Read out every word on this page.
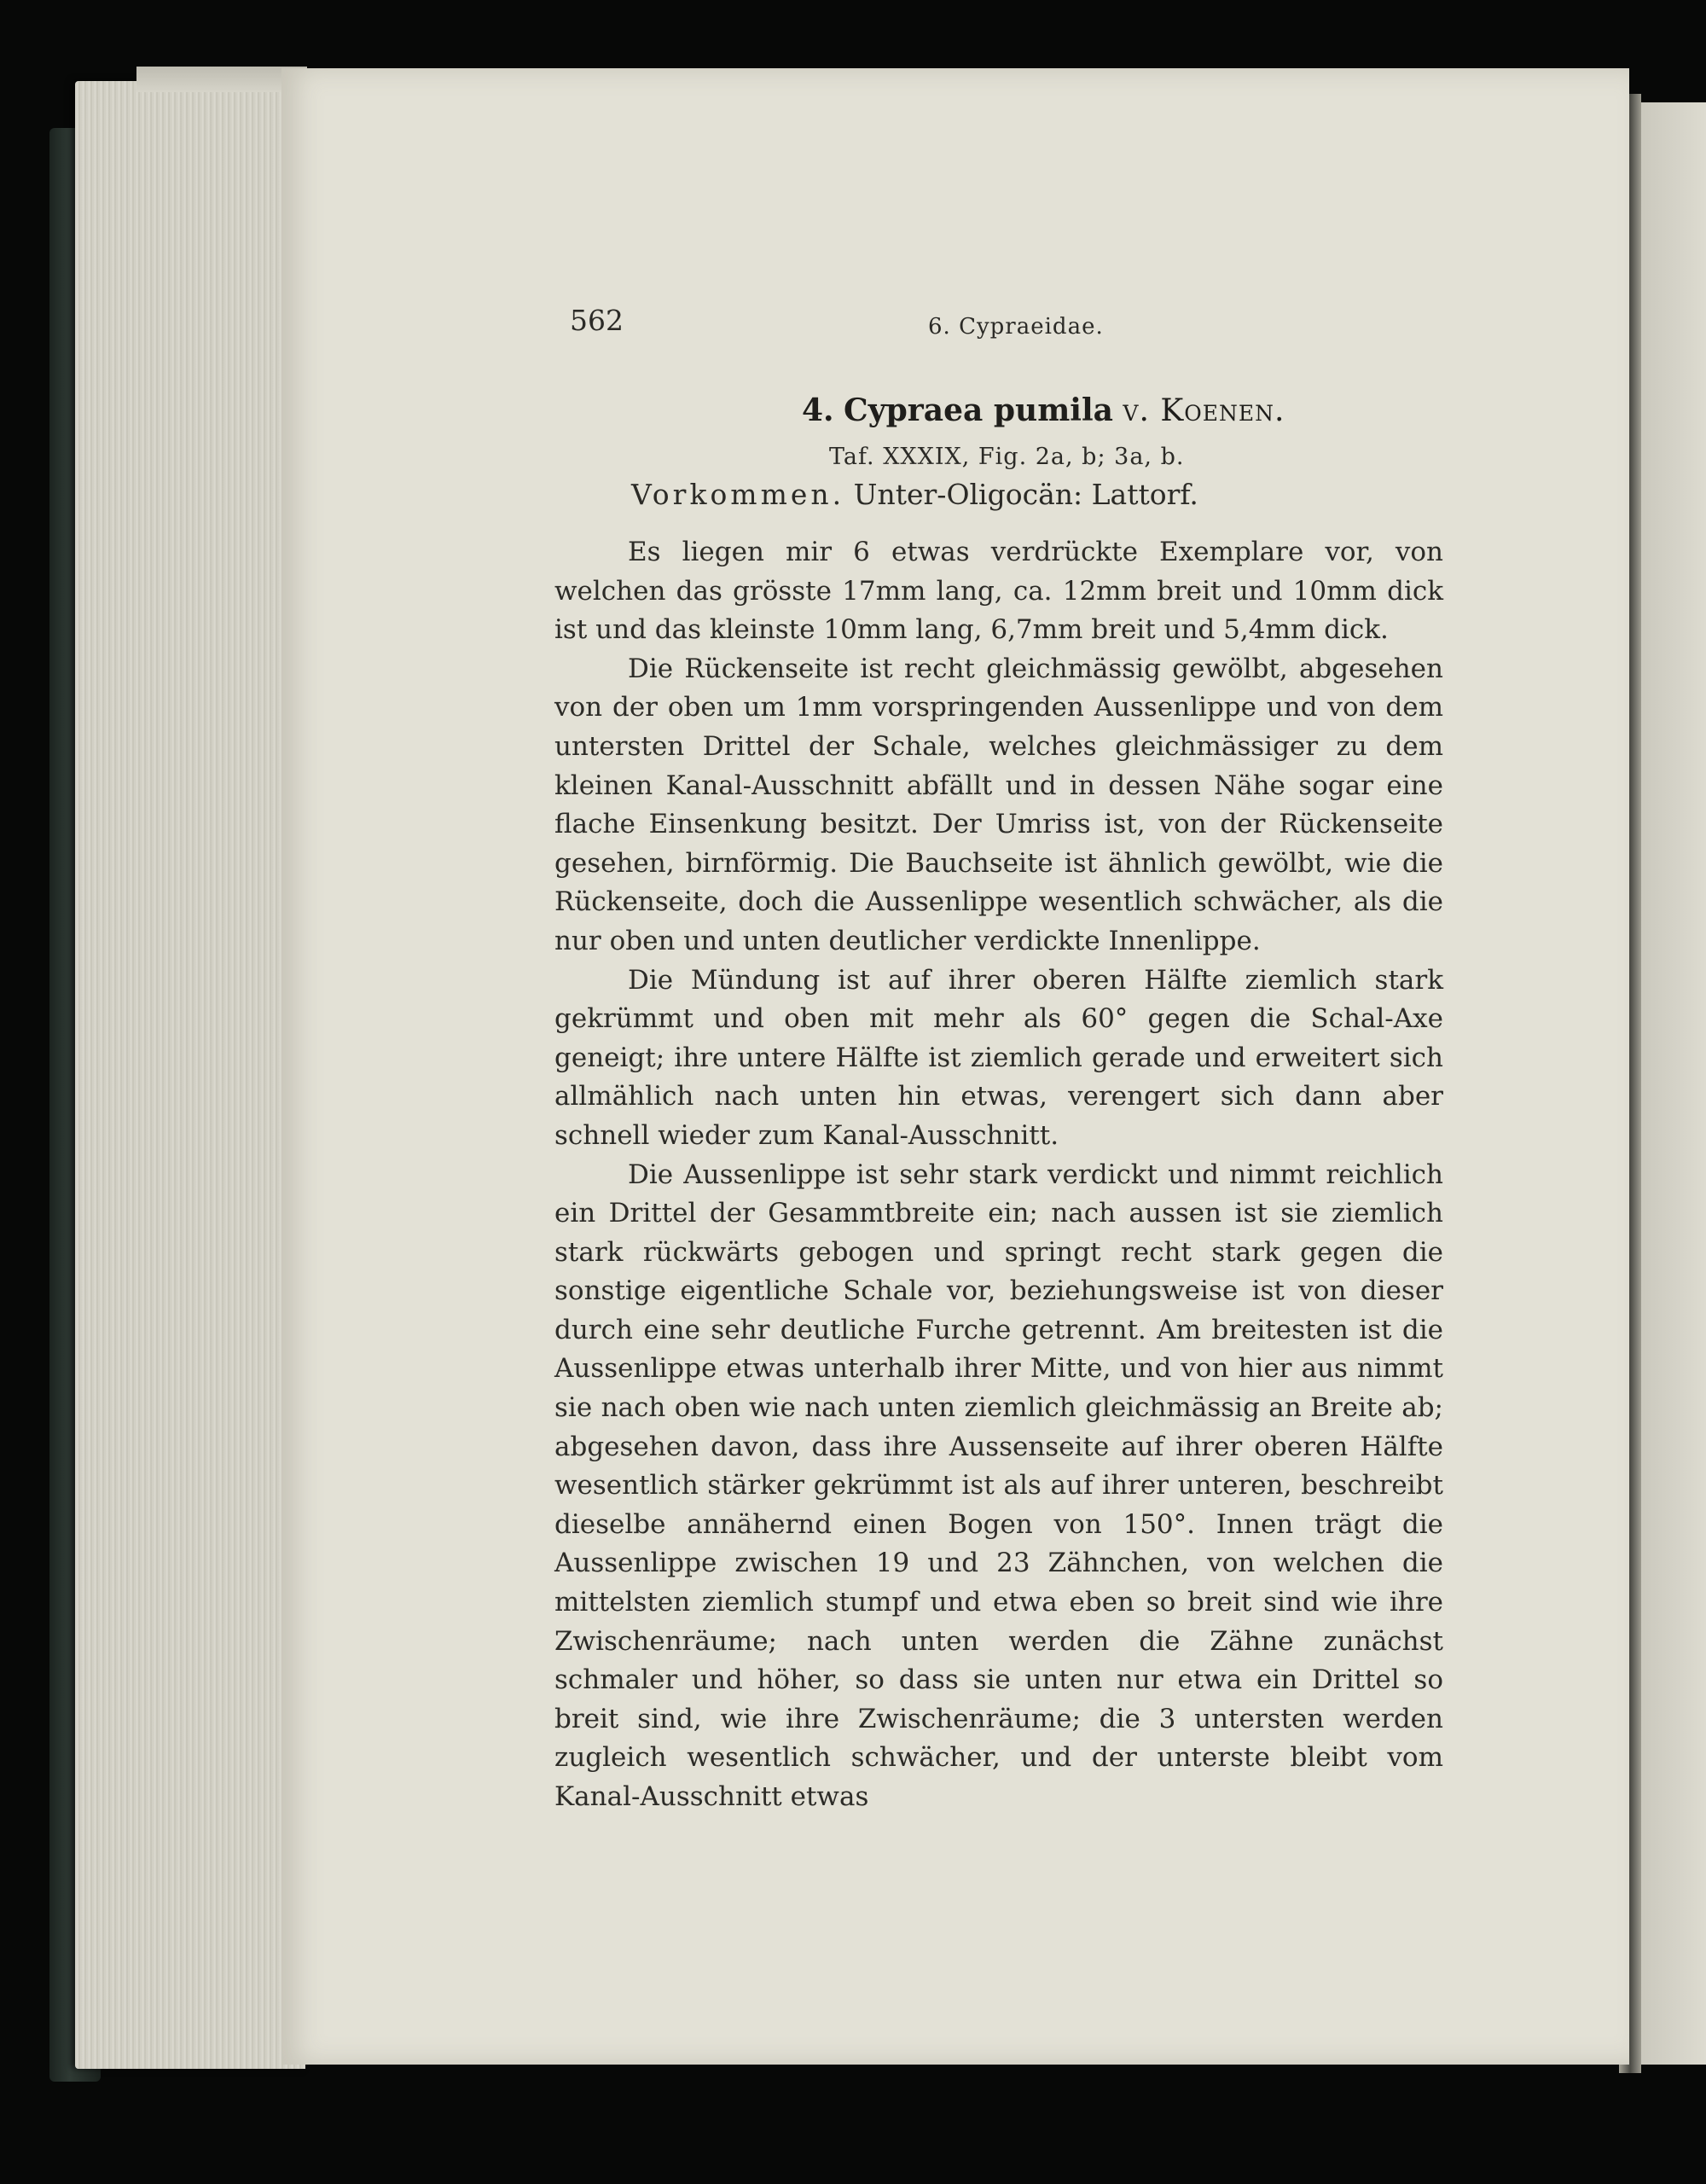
562	6. Cypraeidae.
4. Cypraea pumila v. Koenen.
Taf. XXXIX, Fig. 2a, b; 3a, b.
Vorkommen. Unter-Oligocän: Lattorf.

Es liegen mir 6 etwas verdrückte Exemplare vor, von welchen das grösste 17mm lang, ca. 12mm breit und 10mm dick ist und das kleinste 10mm lang, 6,7mm breit und 5,4mm dick.

Die Rückenseite ist recht gleichmässig gewölbt, abgesehen von der oben um 1mm vorspringenden Aussenlippe und von dem untersten Drittel der Schale, welches gleichmässiger zu dem kleinen Kanal-Ausschnitt abfällt und in dessen Nähe sogar eine flache Einsenkung besitzt. Der Umriss ist, von der Rückenseite gesehen, birnförmig. Die Bauchseite ist ähnlich gewölbt, wie die Rückenseite, doch die Aussenlippe wesentlich schwächer, als die nur oben und unten deutlicher verdickte Innenlippe.

Die Mündung ist auf ihrer oberen Hälfte ziemlich stark gekrümmt und oben mit mehr als 60° gegen die Schal-Axe geneigt; ihre untere Hälfte ist ziemlich gerade und erweitert sich allmählich nach unten hin etwas, verengert sich dann aber schnell wieder zum Kanal-Ausschnitt.

Die Aussenlippe ist sehr stark verdickt und nimmt reichlich ein Drittel der Gesammtbreite ein; nach aussen ist sie ziemlich stark rückwärts gebogen und springt recht stark gegen die sonstige eigentliche Schale vor, beziehungsweise ist von dieser durch eine sehr deutliche Furche getrennt. Am breitesten ist die Aussenlippe etwas unterhalb ihrer Mitte, und von hier aus nimmt sie nach oben wie nach unten ziemlich gleichmässig an Breite ab; abgesehen davon, dass ihre Aussenseite auf ihrer oberen Hälfte wesentlich stärker gekrümmt ist als auf ihrer unteren, beschreibt dieselbe annähernd einen Bogen von 150°. Innen trägt die Aussenlippe zwischen 19 und 23 Zähnchen, von welchen die mittelsten ziemlich stumpf und etwa eben so breit sind wie ihre Zwischenräume; nach unten werden die Zähne zunächst schmaler und höher, so dass sie unten nur etwa ein Drittel so breit sind, wie ihre Zwischenräume; die 3 untersten werden zugleich wesentlich schwächer, und der unterste bleibt vom Kanal-Ausschnitt etwas
